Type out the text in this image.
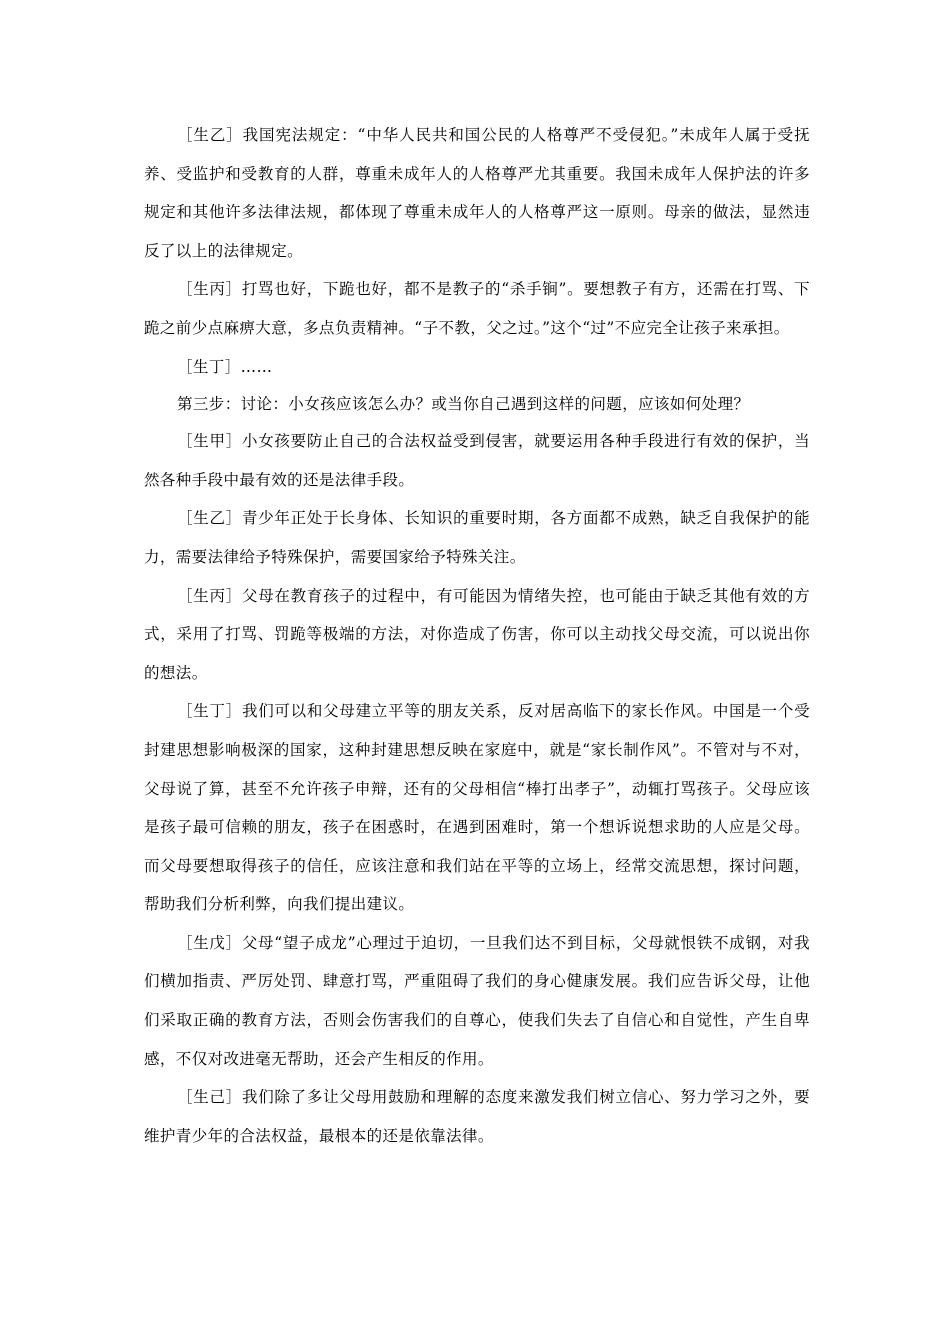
［生乙］我国宪法规定：“中华人民共和国公民的人格尊严不受侵犯。”未成年人属于受抚养、受监护和受教育的人群，尊重未成年人的人格尊严尤其重要。我国未成年人保护法的许多规定和其他许多法律法规，都体现了尊重未成年人的人格尊严这一原则。母亲的做法，显然违反了以上的法律规定。

［生丙］打骂也好，下跪也好，都不是教子的“杀手锏”。要想教子有方，还需在打骂、下跪之前少点麻痹大意，多点负责精神。“子不教，父之过。”这个“过”不应完全让孩子来承担。

［生丁］……

第三步：讨论：小女孩应该怎么办？或当你自己遇到这样的问题，应该如何处理？

［生甲］小女孩要防止自己的合法权益受到侵害，就要运用各种手段进行有效的保护，当然各种手段中最有效的还是法律手段。

［生乙］青少年正处于长身体、长知识的重要时期，各方面都不成熟，缺乏自我保护的能力，需要法律给予特殊保护，需要国家给予特殊关注。

［生丙］父母在教育孩子的过程中，有可能因为情绪失控，也可能由于缺乏其他有效的方式，采用了打骂、罚跪等极端的方法，对你造成了伤害，你可以主动找父母交流，可以说出你的想法。

［生丁］我们可以和父母建立平等的朋友关系，反对居高临下的家长作风。中国是一个受封建思想影响极深的国家，这种封建思想反映在家庭中，就是“家长制作风”。不管对与不对，父母说了算，甚至不允许孩子申辩，还有的父母相信“棒打出孝子”，动辄打骂孩子。父母应该是孩子最可信赖的朋友，孩子在困惑时，在遇到困难时，第一个想诉说想求助的人应是父母。而父母要想取得孩子的信任，应该注意和我们站在平等的立场上，经常交流思想，探讨问题，帮助我们分析利弊，向我们提出建议。

［生戊］父母“望子成龙”心理过于迫切，一旦我们达不到目标，父母就恨铁不成钢，对我们横加指责、严厉处罚、肆意打骂，严重阻碍了我们的身心健康发展。我们应告诉父母，让他们采取正确的教育方法，否则会伤害我们的自尊心，使我们失去了自信心和自觉性，产生自卑感，不仅对改进毫无帮助，还会产生相反的作用。

［生己］我们除了多让父母用鼓励和理解的态度来激发我们树立信心、努力学习之外，要维护青少年的合法权益，最根本的还是依靠法律。
